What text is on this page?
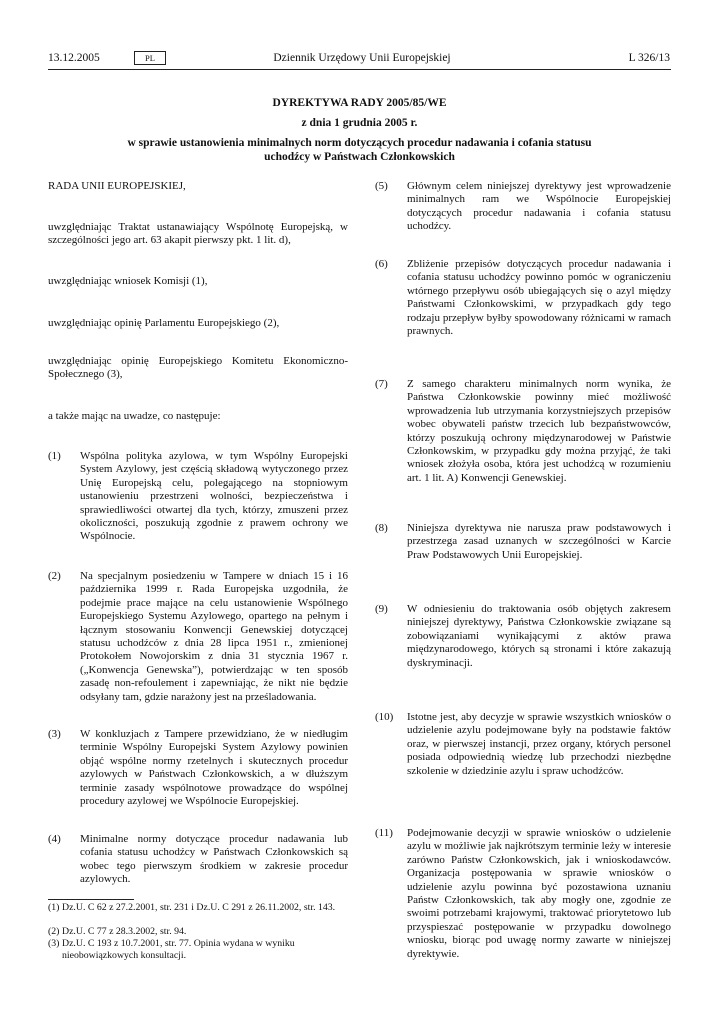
13.12.2005	PL	Dziennik Urzędowy Unii Europejskiej	L 326/13
DYREKTYWA RADY 2005/85/WE
z dnia 1 grudnia 2005 r.
w sprawie ustanowienia minimalnych norm dotyczących procedur nadawania i cofania statusu
uchodźcy w Państwach Członkowskich

RADA UNII EUROPEJSKIEJ,

uwzględniając Traktat ustanawiający Wspólnotę Europejską, w szczególności jego art. 63 akapit pierwszy pkt. 1 lit. d),

uwzględniając wniosek Komisji (1),

uwzględniając opinię Parlamentu Europejskiego (2),

uwzględniając opinię Europejskiego Komitetu Ekonomiczno-Społecznego (3),

a także mając na uwadze, co następuje:

(1) Wspólna polityka azylowa, w tym Wspólny Europejski System Azylowy, jest częścią składową wytyczonego przez Unię Europejską celu, polegającego na stopniowym ustanowieniu przestrzeni wolności, bezpieczeństwa i sprawiedliwości otwartej dla tych, którzy, zmuszeni przez okoliczności, poszukują zgodnie z prawem ochrony we Wspólnocie.
(2) Na specjalnym posiedzeniu w Tampere w dniach 15 i 16 października 1999 r. Rada Europejska uzgodniła, że podejmie prace mające na celu ustanowienie Wspólnego Europejskiego Systemu Azylowego, opartego na pełnym i łącznym stosowaniu Konwencji Genewskiej dotyczącej statusu uchodźców z dnia 28 lipca 1951 r., zmienionej Protokołem Nowojorskim z dnia 31 stycznia 1967 r. („Konwencja Genewska”), potwierdzając w ten sposób zasadę non-refoulement i zapewniając, że nikt nie będzie odsyłany tam, gdzie narażony jest na prześladowania.
(3) W konkluzjach z Tampere przewidziano, że w niedługim terminie Wspólny Europejski System Azylowy powinien objąć wspólne normy rzetelnych i skutecznych procedur azylowych w Państwach Członkowskich, a w dłuższym terminie zasady wspólnotowe prowadzące do wspólnej procedury azylowej we Wspólnocie Europejskiej.
(4) Minimalne normy dotyczące procedur nadawania lub cofania statusu uchodźcy w Państwach Członkowskich są wobec tego pierwszym środkiem w zakresie procedur azylowych.
(5) Głównym celem niniejszej dyrektywy jest wprowadzenie minimalnych ram we Wspólnocie Europejskiej dotyczących procedur nadawania i cofania statusu uchodźcy.
(6) Zbliżenie przepisów dotyczących procedur nadawania i cofania statusu uchodźcy powinno pomóc w ograniczeniu wtórnego przepływu osób ubiegających się o azyl między Państwami Członkowskimi, w przypadkach gdy tego rodzaju przepływ byłby spowodowany różnicami w ramach prawnych.
(7) Z samego charakteru minimalnych norm wynika, że Państwa Członkowskie powinny mieć możliwość wprowadzenia lub utrzymania korzystniejszych przepisów wobec obywateli państw trzecich lub bezpaństwowców, którzy poszukują ochrony międzynarodowej w Państwie Członkowskim, w przypadku gdy można przyjąć, że taki wniosek złożyła osoba, która jest uchodźcą w rozumieniu art. 1 lit. A) Konwencji Genewskiej.
(8) Niniejsza dyrektywa nie narusza praw podstawowych i przestrzega zasad uznanych w szczególności w Karcie Praw Podstawowych Unii Europejskiej.
(9) W odniesieniu do traktowania osób objętych zakresem niniejszej dyrektywy, Państwa Członkowskie związane są zobowiązaniami wynikającymi z aktów prawa międzynarodowego, których są stronami i które zakazują dyskryminacji.
(10) Istotne jest, aby decyzje w sprawie wszystkich wniosków o udzielenie azylu podejmowane były na podstawie faktów oraz, w pierwszej instancji, przez organy, których personel posiada odpowiednią wiedzę lub przechodzi niezbędne szkolenie w dziedzinie azylu i spraw uchodźców.
(11) Podejmowanie decyzji w sprawie wniosków o udzielenie azylu w możliwie jak najkrótszym terminie leży w interesie zarówno Państw Członkowskich, jak i wnioskodawców. Organizacja postępowania w sprawie wniosków o udzielenie azylu powinna być pozostawiona uznaniu Państw Członkowskich, tak aby mogły one, zgodnie ze swoimi potrzebami krajowymi, traktować priorytetowo lub przyspieszać postępowanie w przypadku dowolnego wniosku, biorąc pod uwagę normy zawarte w niniejszej dyrektywie.
(1) Dz.U. C 62 z 27.2.2001, str. 231 i Dz.U. C 291 z 26.11.2002, str. 143.
(2) Dz.U. C 77 z 28.3.2002, str. 94.
(3) Dz.U. C 193 z 10.7.2001, str. 77. Opinia wydana w wyniku nieobowiązkowych konsultacji.
